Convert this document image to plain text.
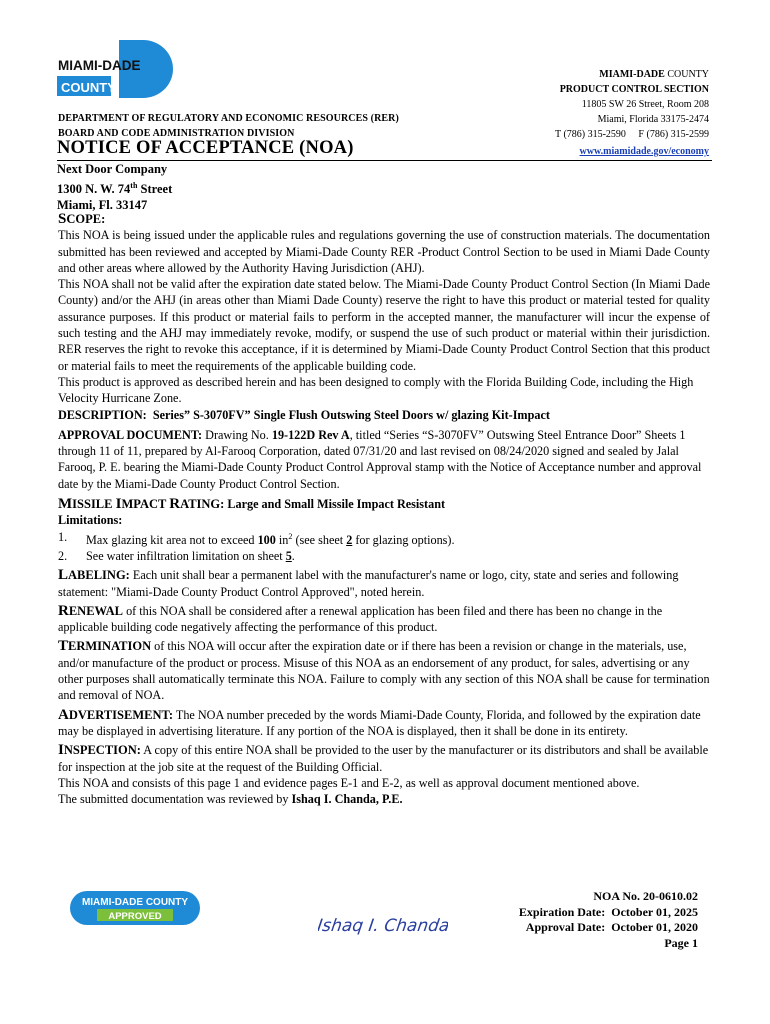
MIAMI-DADE
COUNTY
DEPARTMENT OF REGULATORY AND ECONOMIC RESOURCES (RER)
BOARD AND CODE ADMINISTRATION DIVISION
MIAMI-DADE COUNTY
PRODUCT CONTROL SECTION
11805 SW 26 Street, Room 208
Miami, Florida 33175-2474
T (786) 315-2590     F (786) 315-2599
www.miamidade.gov/economy
NOTICE OF ACCEPTANCE (NOA)
Next Door Company
1300 N. W. 74th Street
Miami, Fl. 33147

SCOPE:

This NOA is being issued under the applicable rules and regulations governing the use of construction materials. The documentation submitted has been reviewed and accepted by Miami-Dade County RER -Product Control Section to be used in Miami Dade County and other areas where allowed by the Authority Having Jurisdiction (AHJ).

This NOA shall not be valid after the expiration date stated below. The Miami-Dade County Product Control Section (In Miami Dade County) and/or the AHJ (in areas other than Miami Dade County) reserve the right to have this product or material tested for quality assurance purposes. If this product or material fails to perform in the accepted manner, the manufacturer will incur the expense of such testing and the AHJ may immediately revoke, modify, or suspend the use of such product or material within their jurisdiction.    RER reserves the right to revoke this acceptance, if it is determined by Miami-Dade County Product Control Section that this product or material fails to meet the requirements of the applicable building code.

This product is approved as described herein and has been designed to comply with the Florida Building Code, including the High Velocity Hurricane Zone.

DESCRIPTION:  Series” S-3070FV” Single Flush Outswing Steel Doors w/ glazing Kit-Impact

APPROVAL DOCUMENT: Drawing No. 19-122D Rev A, titled “Series “S-3070FV” Outswing Steel Entrance Door” Sheets 1 through 11 of 11, prepared by Al-Farooq Corporation, dated 07/31/20 and last revised on 08/24/2020 signed and sealed by Jalal Farooq, P. E. bearing the Miami-Dade County Product Control Approval stamp with the Notice of Acceptance number and approval date by the Miami-Dade County Product Control Section.

MISSILE IMPACT RATING: Large and Small Missile Impact Resistant

Limitations:

1.	Max glazing kit area not to exceed 100 $in^2$ (see sheet 2 for glazing options).
2.	See water infiltration limitation on sheet 5.

LABELING: Each unit shall bear a permanent label with the manufacturer's name or logo, city, state and series and following statement: "Miami-Dade County Product Control Approved", noted herein.

RENEWAL of this NOA shall be considered after a renewal application has been filed and there has been no change in the applicable building code negatively affecting the performance of this product.

TERMINATION of this NOA will occur after the expiration date or if there has been a revision or change in the materials, use, and/or manufacture of the product or process. Misuse of this NOA as an endorsement of any product, for sales, advertising or any other purposes shall automatically terminate this NOA. Failure to comply with any section of this NOA shall be cause for termination and removal of NOA.

ADVERTISEMENT: The NOA number preceded by the words Miami-Dade County, Florida, and followed by the expiration date may be displayed in advertising literature. If any portion of the NOA is displayed, then it shall be done in its entirety.

INSPECTION: A copy of this entire NOA shall be provided to the user by the manufacturer or its distributors and shall be available for inspection at the job site at the request of the Building Official.

This NOA and consists of this page 1 and evidence pages E-1 and E-2, as well as approval document mentioned above.

The submitted documentation was reviewed by Ishaq I. Chanda, P.E.

MIAMI-DADE COUNTY
APPROVED	Ishaq I. Chanda
NOA No. 20-0610.02
Expiration Date:  October 01, 2025
Approval Date:  October 01, 2020
Page 1
